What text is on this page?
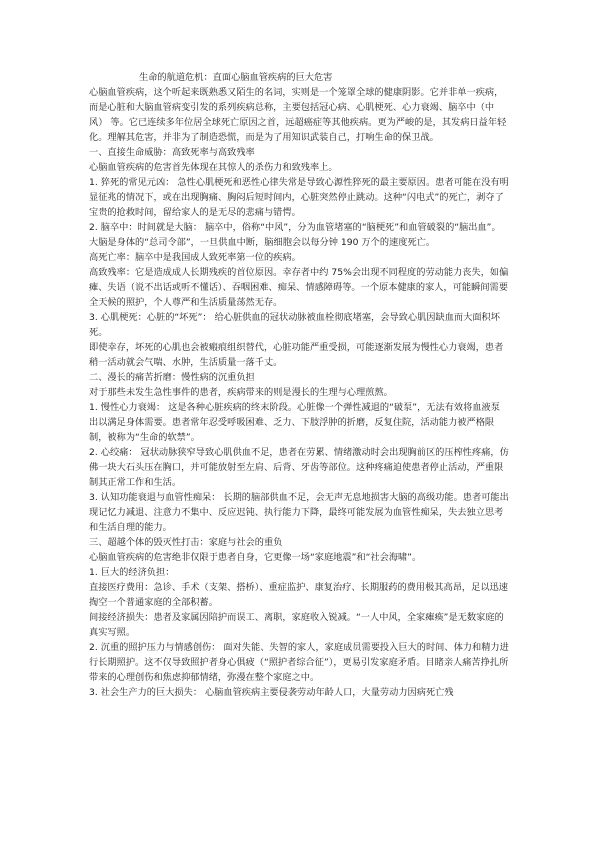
生命的航道危机：直面心脑血管疾病的巨大危害

心脑血管疾病，这个听起来既熟悉又陌生的名词，实则是一个笼罩全球的健康阴影。它并非单一疾病，而是心脏和大脑血管病变引发的系列疾病总称，主要包括冠心病、心肌梗死、心力衰竭、脑卒中（中风） 等。它已连续多年位居全球死亡原因之首，远超癌症等其他疾病。更为严峻的是，其发病日益年轻化。理解其危害，并非为了制造恐慌，而是为了用知识武装自己，打响生命的保卫战。

一、直接生命威胁：高致死率与高致残率

心脑血管疾病的危害首先体现在其惊人的杀伤力和致残率上。

1. 猝死的常见元凶： 急性心肌梗死和恶性心律失常是导致心源性猝死的最主要原因。患者可能在没有明显征兆的情况下，或在出现胸痛、胸闷后短时间内，心脏突然停止跳动。这种“闪电式”的死亡，剥夺了宝贵的抢救时间，留给家人的是无尽的悲痛与错愕。

2. 脑卒中：时间就是大脑： 脑卒中，俗称“中风”，分为血管堵塞的“脑梗死”和血管破裂的“脑出血”。大脑是身体的“总司令部”，一旦供血中断，脑细胞会以每分钟 190 万个的速度死亡。

高死亡率：脑卒中是我国成人致死率第一位的疾病。

高致残率：它是造成成人长期残疾的首位原因。幸存者中约 75%会出现不同程度的劳动能力丧失，如偏瘫、失语（说不出话或听不懂话）、吞咽困难、痴呆、情感障碍等。一个原本健康的家人，可能瞬间需要全天候的照护，个人尊严和生活质量荡然无存。

3. 心肌梗死：心脏的“坏死”： 给心脏供血的冠状动脉被血栓彻底堵塞，会导致心肌因缺血而大面积坏死。

即使幸存，坏死的心肌也会被瘢痕组织替代，心脏功能严重受损，可能逐渐发展为慢性心力衰竭，患者稍一活动就会气喘、水肿，生活质量一落千丈。

二、漫长的痛苦折磨：慢性病的沉重负担

对于那些未发生急性事件的患者，疾病带来的则是漫长的生理与心理煎熬。

1. 慢性心力衰竭： 这是各种心脏疾病的终末阶段。心脏像一个弹性减退的“破泵”，无法有效将血液泵出以满足身体需要。患者常年忍受呼吸困难、乏力、下肢浮肿的折磨，反复住院，活动能力被严格限制，被称为“生命的软禁”。

2. 心绞痛： 冠状动脉狭窄导致心肌供血不足，患者在劳累、情绪激动时会出现胸前区的压榨性疼痛，仿佛一块大石头压在胸口，并可能放射至左肩、后背、牙齿等部位。这种疼痛迫使患者停止活动，严重限制其正常工作和生活。

3. 认知功能衰退与血管性痴呆： 长期的脑部供血不足，会无声无息地损害大脑的高级功能。患者可能出现记忆力减退、注意力不集中、反应迟钝、执行能力下降，最终可能发展为血管性痴呆，失去独立思考和生活自理的能力。

三、超越个体的毁灭性打击：家庭与社会的重负

心脑血管疾病的危害绝非仅限于患者自身，它更像一场“家庭地震”和“社会海啸”。

1. 巨大的经济负担：

直接医疗费用：急诊、手术（支架、搭桥）、重症监护、康复治疗、长期服药的费用极其高昂，足以迅速掏空一个普通家庭的全部积蓄。

间接经济损失：患者及家属因陪护而误工、离职，家庭收入锐减。“一人中风，全家瘫痪”是无数家庭的真实写照。

2. 沉重的照护压力与情感创伤： 面对失能、失智的家人，家庭成员需要投入巨大的时间、体力和精力进行长期照护。这不仅导致照护者身心俱疲（“照护者综合征”），更易引发家庭矛盾。目睹亲人痛苦挣扎所带来的心理创伤和焦虑抑郁情绪，弥漫在整个家庭之中。

3. 社会生产力的巨大损失： 心脑血管疾病主要侵袭劳动年龄人口，大量劳动力因病死亡残
